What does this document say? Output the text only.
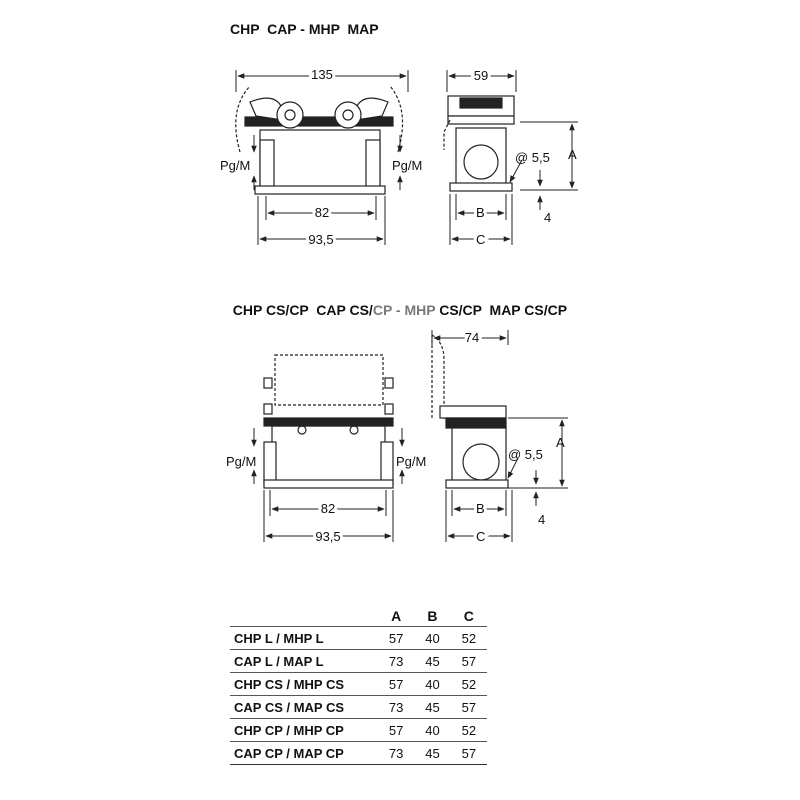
CHP  CAP - MHP  MAP

CHP CS/CP  CAP CS/CP - MHP CS/CP  MAP CS/CP

135
Pg/M	Pg/M
82
93,5
59
@ 5,5 A
B
C
4
Pg/M	Pg/M
82
93,5
74
@ 5,5
A
B
C
4
	A	B	C
CHP L / MHP L	57	40	52
CAP L / MAP L	73	45	57
CHP CS / MHP CS	57	40	52
CAP CS / MAP CS	73	45	57
CHP CP / MHP CP	57	40	52
CAP CP / MAP CP	73	45	57
